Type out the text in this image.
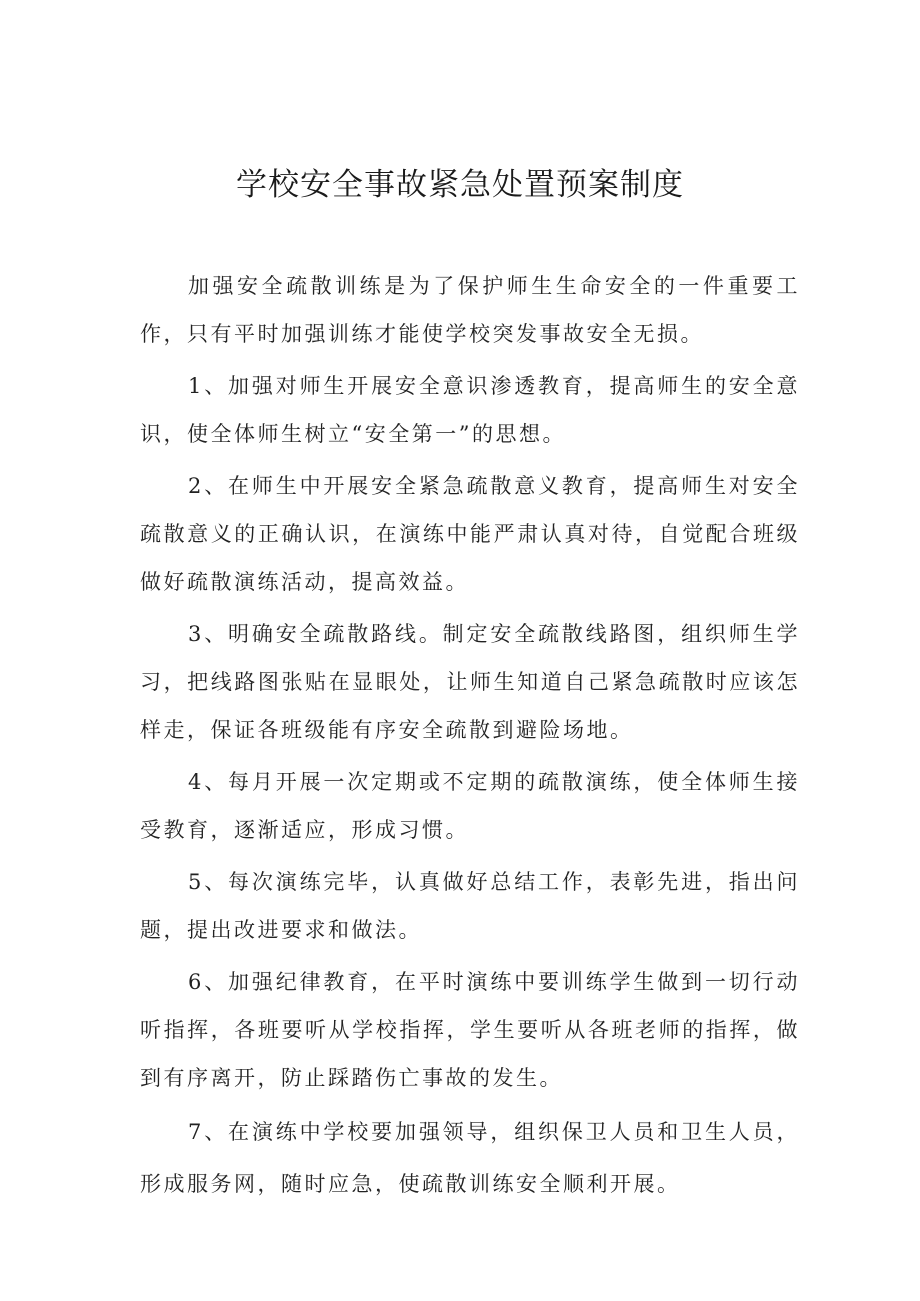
学校安全事故紧急处置预案制度

加强安全疏散训练是为了保护师生生命安全的一件重要工作，只有平时加强训练才能使学校突发事故安全无损。

1、加强对师生开展安全意识渗透教育，提高师生的安全意识，使全体师生树立“安全第一”的思想。

2、在师生中开展安全紧急疏散意义教育，提高师生对安全疏散意义的正确认识，在演练中能严肃认真对待，自觉配合班级做好疏散演练活动，提高效益。

3、明确安全疏散路线。制定安全疏散线路图，组织师生学习，把线路图张贴在显眼处，让师生知道自己紧急疏散时应该怎样走，保证各班级能有序安全疏散到避险场地。

4、每月开展一次定期或不定期的疏散演练，使全体师生接受教育，逐渐适应，形成习惯。

5、每次演练完毕，认真做好总结工作，表彰先进，指出问题，提出改进要求和做法。

6、加强纪律教育，在平时演练中要训练学生做到一切行动听指挥，各班要听从学校指挥，学生要听从各班老师的指挥，做到有序离开，防止踩踏伤亡事故的发生。

7、在演练中学校要加强领导，组织保卫人员和卫生人员，形成服务网，随时应急，使疏散训练安全顺利开展。
